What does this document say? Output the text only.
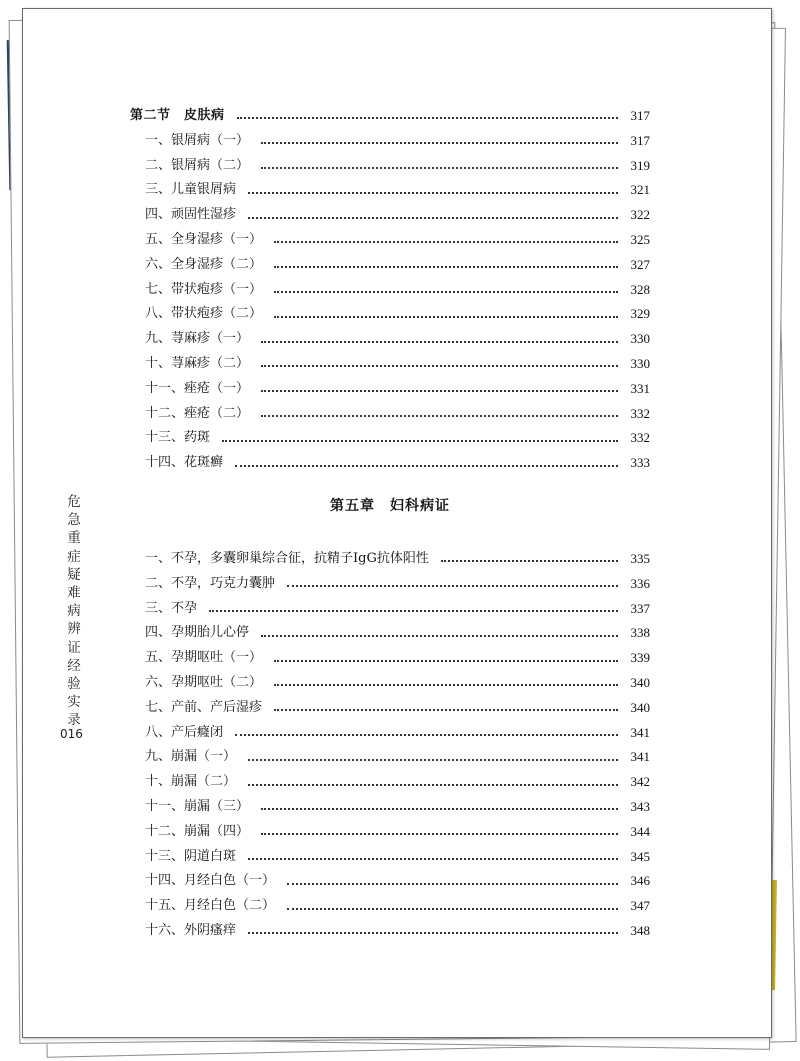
危急重症疑难病辨证经验实录
016
第二节　皮肤病	317
一、银屑病（一）	317
二、银屑病（二）	319
三、儿童银屑病	321
四、顽固性湿疹	322
五、全身湿疹（一）	325
六、全身湿疹（二）	327
七、带状疱疹（一）	328
八、带状疱疹（二）	329
九、荨麻疹（一）	330
十、荨麻疹（二）	330
十一、痤疮（一）	331
十二、痤疮（二）	332
十三、药斑	332
十四、花斑癣	333
第五章　妇科病证
一、不孕，多囊卵巢综合征，抗精子IgG抗体阳性	335
二、不孕，巧克力囊肿	336
三、不孕	337
四、孕期胎儿心停	338
五、孕期呕吐（一）	339
六、孕期呕吐（二）	340
七、产前、产后湿疹	340
八、产后癃闭	341
九、崩漏（一）	341
十、崩漏（二）	342
十一、崩漏（三）	343
十二、崩漏（四）	344
十三、阴道白斑	345
十四、月经白色（一）	346
十五、月经白色（二）	347
十六、外阴瘙痒	348
